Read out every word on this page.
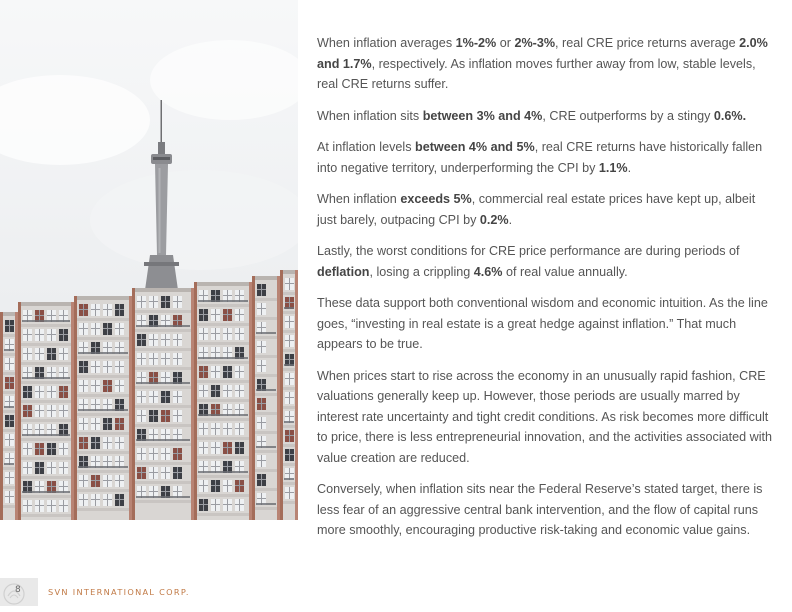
When inflation averages 1%-2% or 2%-3%, real CRE price returns average 2.0% and 1.7%, respectively. As inflation moves further away from low, stable levels, real CRE returns suffer.

When inflation sits between 3% and 4%, CRE outperforms by a stingy 0.6%.

At inflation levels between 4% and 5%, real CRE returns have historically fallen into negative territory, underperforming the CPI by 1.1%.

When inflation exceeds 5%, commercial real estate prices have kept up, albeit just barely, outpacing CPI by 0.2%.

Lastly, the worst conditions for CRE price performance are during periods of deflation, losing a crippling 4.6% of real value annually.

These data support both conventional wisdom and economic intuition. As the line goes, “investing in real estate is a great hedge against inflation.” That much appears to be true.

When prices start to rise across the economy in an unusually rapid fashion, CRE valuations generally keep up. However, those periods are usually marred by interest rate uncertainty and tight credit conditions. As risk becomes more difficult to price, there is less entrepreneurial innovation, and the activities associated with value creation are reduced.

Conversely, when inflation sits near the Federal Reserve’s stated target, there is less fear of an aggressive central bank intervention, and the flow of capital runs more smoothly, encouraging productive risk-taking and economic value gains.

8	SVN INTERNATIONAL CORP.
